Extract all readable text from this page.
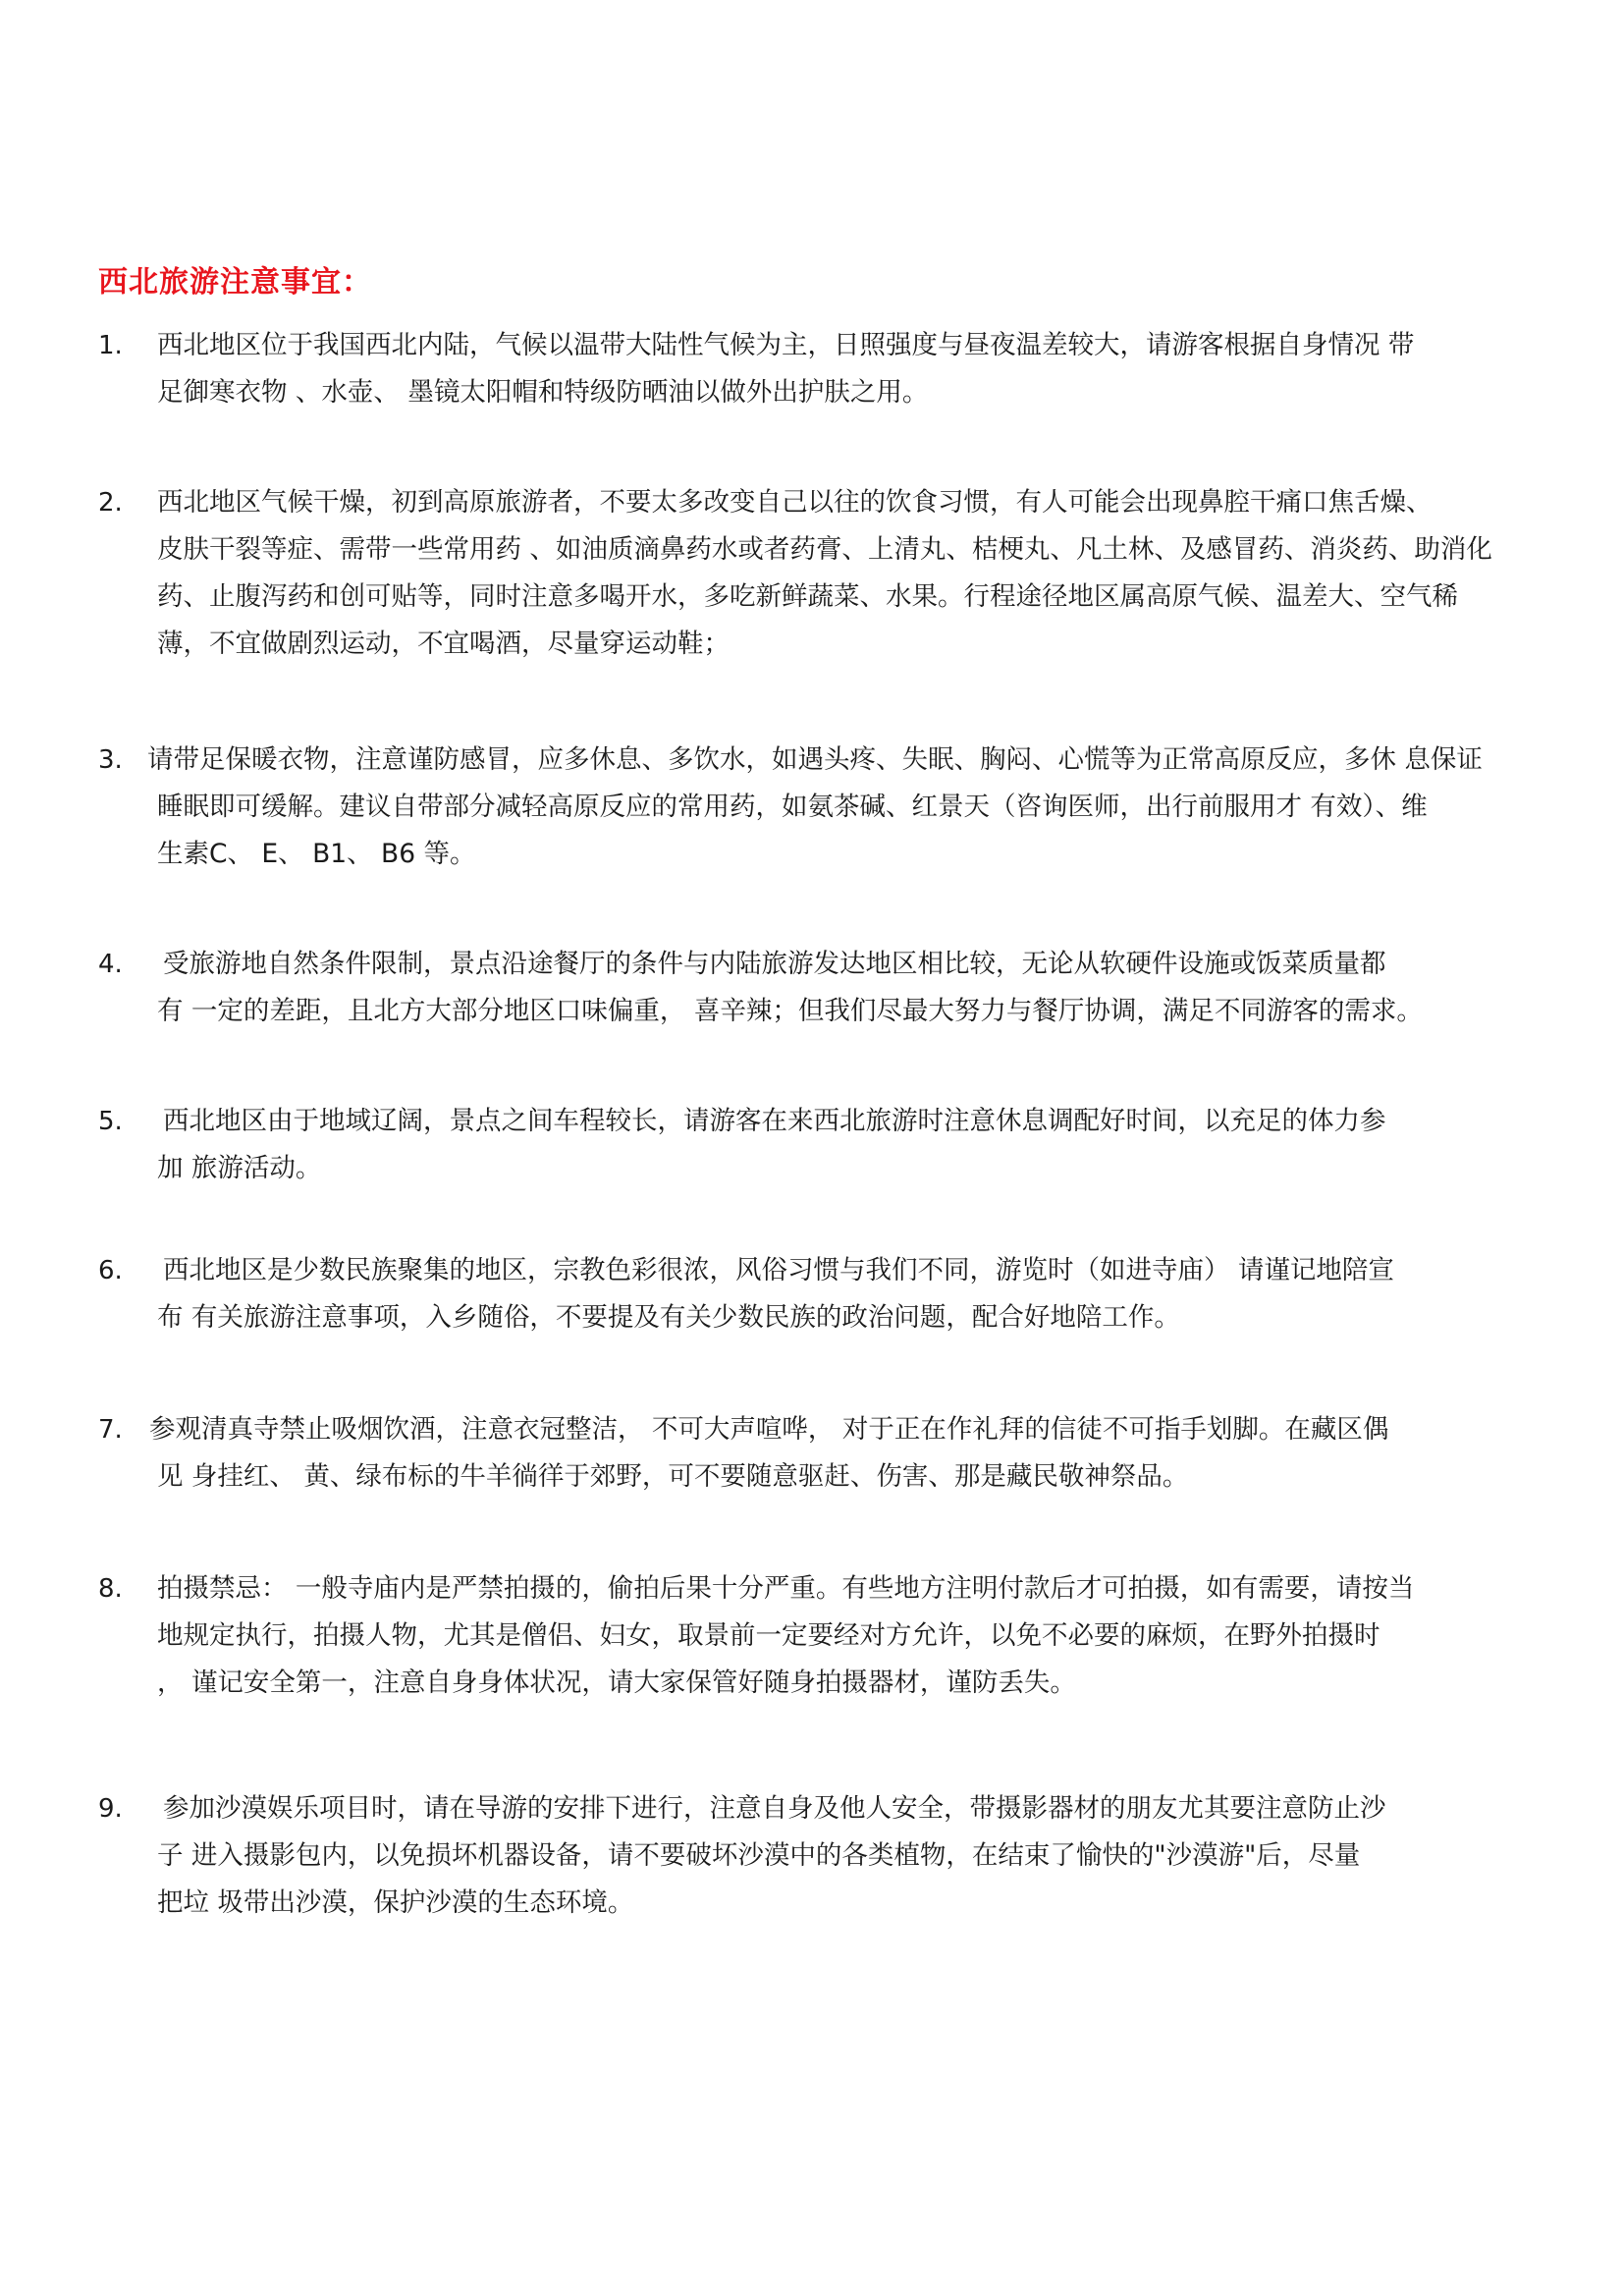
西北旅游注意事宜：
1.	西北地区位于我国西北内陆，气候以温带大陆性气候为主，日照强度与昼夜温差较大，请游客根据自身情况 带
足御寒衣物 、水壶、 墨镜太阳帽和特级防晒油以做外出护肤之用。
2.	西北地区气候干燥，初到高原旅游者，不要太多改变自己以往的饮食习惯，有人可能会出现鼻腔干痛口焦舌燥、
皮肤干裂等症、需带一些常用药 、如油质滴鼻药水或者药膏、上清丸、桔梗丸、凡土林、及感冒药、消炎药、助消化
药、止腹泻药和创可贴等，同时注意多喝开水，多吃新鲜蔬菜、水果。行程途径地区属高原气候、温差大、空气稀
薄，不宜做剧烈运动，不宜喝酒，尽量穿运动鞋；
3. 请带足保暖衣物，注意谨防感冒，应多休息、多饮水，如遇头疼、失眠、胸闷、心慌等为正常高原反应，多休 息保证
睡眠即可缓解。建议自带部分减轻高原反应的常用药，如氨茶碱、红景天（咨询医师，出行前服用才 有效）、维
生素C、 E、 B1、 B6 等。
4.	受旅游地自然条件限制，景点沿途餐厅的条件与内陆旅游发达地区相比较，无论从软硬件设施或饭菜质量都
有 一定的差距，且北方大部分地区口味偏重， 喜辛辣；但我们尽最大努力与餐厅协调，满足不同游客的需求。
5.	西北地区由于地域辽阔，景点之间车程较长，请游客在来西北旅游时注意休息调配好时间，以充足的体力参
加 旅游活动。
6.	西北地区是少数民族聚集的地区，宗教色彩很浓，风俗习惯与我们不同，游览时（如进寺庙） 请谨记地陪宣
布 有关旅游注意事项，入乡随俗，不要提及有关少数民族的政治问题，配合好地陪工作。
7.	参观清真寺禁止吸烟饮酒，注意衣冠整洁， 不可大声喧哗， 对于正在作礼拜的信徒不可指手划脚。在藏区偶
见 身挂红、 黄、绿布标的牛羊徜徉于郊野，可不要随意驱赶、伤害、那是藏民敬神祭品。
8.	拍摄禁忌： 一般寺庙内是严禁拍摄的，偷拍后果十分严重。有些地方注明付款后才可拍摄，如有需要，请按当
地规定执行，拍摄人物，尤其是僧侣、妇女，取景前一定要经对方允许，以免不必要的麻烦，在野外拍摄时
， 谨记安全第一，注意自身身体状况，请大家保管好随身拍摄器材，谨防丢失。
9.	参加沙漠娱乐项目时，请在导游的安排下进行，注意自身及他人安全，带摄影器材的朋友尤其要注意防止沙
子 进入摄影包内，以免损坏机器设备，请不要破坏沙漠中的各类植物，在结束了愉快的"沙漠游"后，尽量
把垃 圾带出沙漠，保护沙漠的生态环境。
